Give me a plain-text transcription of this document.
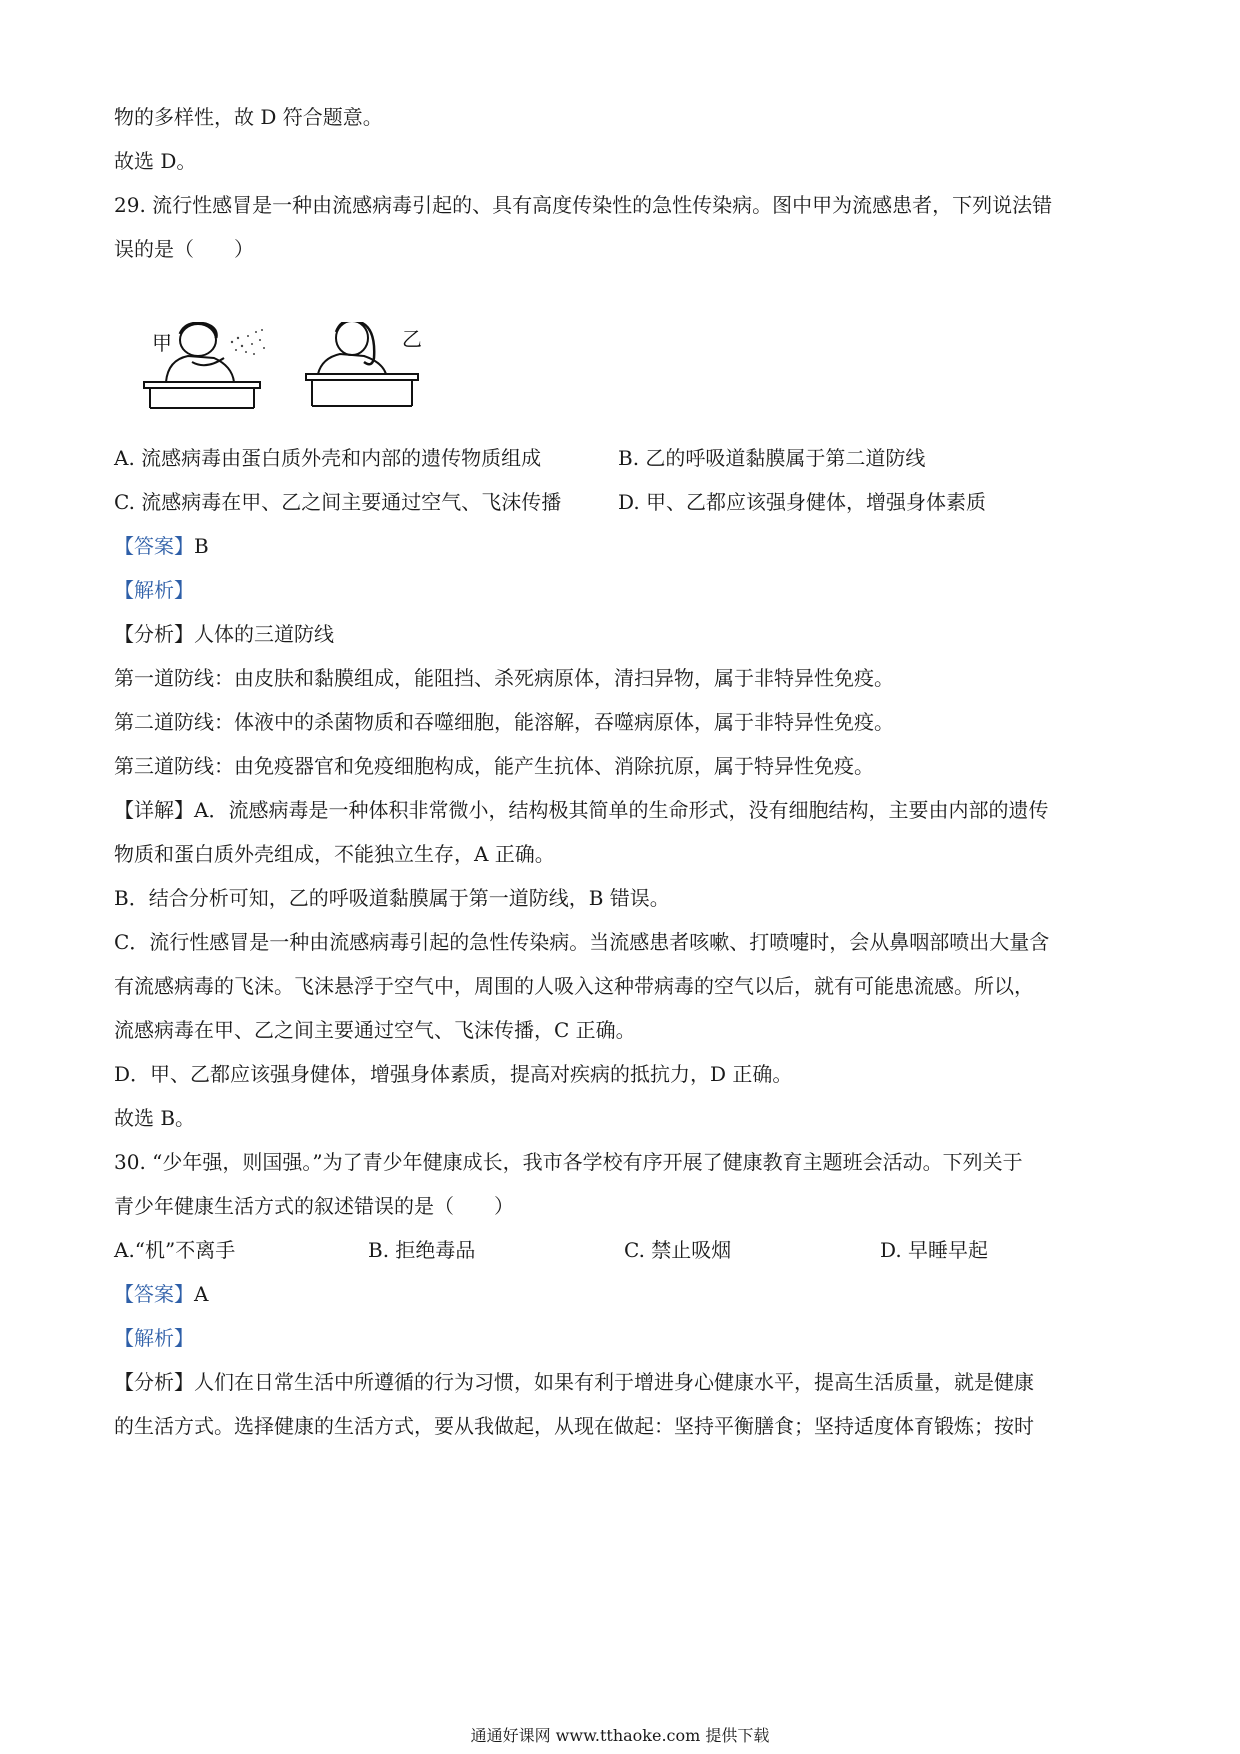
物的多样性，故 D 符合题意。
故选 D。
29. 流行性感冒是一种由流感病毒引起的、具有高度传染性的急性传染病。图中甲为流感患者，下列说法错
误的是（　　）
甲	乙
A. 流感病毒由蛋白质外壳和内部的遗传物质组成	B. 乙的呼吸道黏膜属于第二道防线
C. 流感病毒在甲、乙之间主要通过空气、飞沫传播	D. 甲、乙都应该强身健体，增强身体素质
【答案】B
【解析】
【分析】人体的三道防线
第一道防线：由皮肤和黏膜组成，能阻挡、杀死病原体，清扫异物，属于非特异性免疫。
第二道防线：体液中的杀菌物质和吞噬细胞，能溶解，吞噬病原体，属于非特异性免疫。
第三道防线：由免疫器官和免疫细胞构成，能产生抗体、消除抗原，属于特异性免疫。
【详解】A．流感病毒是一种体积非常微小，结构极其简单的生命形式，没有细胞结构，主要由内部的遗传
物质和蛋白质外壳组成，不能独立生存，A 正确。
B．结合分析可知，乙的呼吸道黏膜属于第一道防线，B 错误。
C．流行性感冒是一种由流感病毒引起的急性传染病。当流感患者咳嗽、打喷嚏时，会从鼻咽部喷出大量含
有流感病毒的飞沫。飞沫悬浮于空气中，周围的人吸入这种带病毒的空气以后，就有可能患流感。所以，
流感病毒在甲、乙之间主要通过空气、飞沫传播，C 正确。
D．甲、乙都应该强身健体，增强身体素质，提高对疾病的抵抗力，D 正确。
故选 B。
30. “少年强，则国强。”为了青少年健康成长，我市各学校有序开展了健康教育主题班会活动。下列关于
青少年健康生活方式的叙述错误的是（　　）
A.“机”不离手	B. 拒绝毒品	C. 禁止吸烟	D. 早睡早起
【答案】A
【解析】
【分析】人们在日常生活中所遵循的行为习惯，如果有利于增进身心健康水平，提高生活质量，就是健康
的生活方式。选择健康的生活方式，要从我做起，从现在做起：坚持平衡膳食；坚持适度体育锻炼；按时
通通好课网 www.tthaoke.com 提供下载
